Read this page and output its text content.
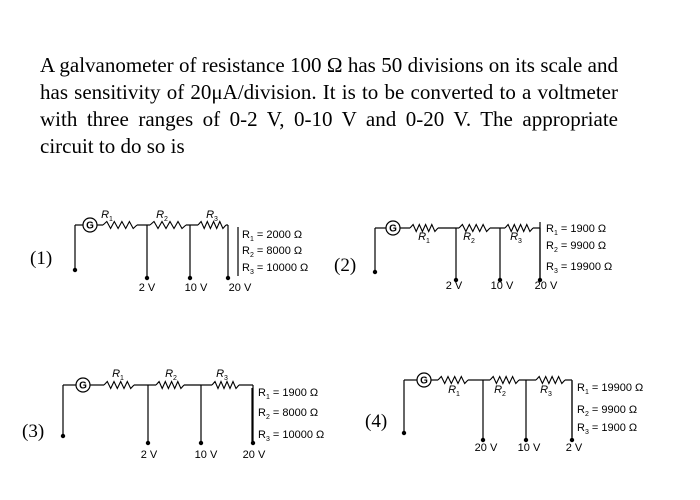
A galvanometer of resistance 100 Ω has 50 divisions on its scale and has sensitivity of 20μA/division. It is to be converted to a voltmeter with three ranges of 0-2 V, 0-10 V and 0-20 V. The appropriate circuit to do so is

(1)	(2)
(3)	(4)
G
$R_1$
2 V
$R_2$
10 V
$R_3$
20 V
$R_1 = 2000$ Ω
$R_2 = 8000$ Ω
$R_3 = 10000$ Ω
G
$R_1$
2 V
$R_2$
10 V
$R_3$
20 V
$R_1 = 1900$ Ω
$R_2 = 9900$ Ω
$R_3 = 19900$ Ω
G
$R_1$
2 V
$R_2$
10 V
$R_3$
20 V
$R_1 = 1900$ Ω
$R_2 = 8000$ Ω
$R_3 = 10000$ Ω
G
$R_1$
20 V
$R_2$
10 V
$R_3$
2 V
$R_1 = 19900$ Ω
$R_2 = 9900$ Ω
$R_3 = 1900$ Ω
